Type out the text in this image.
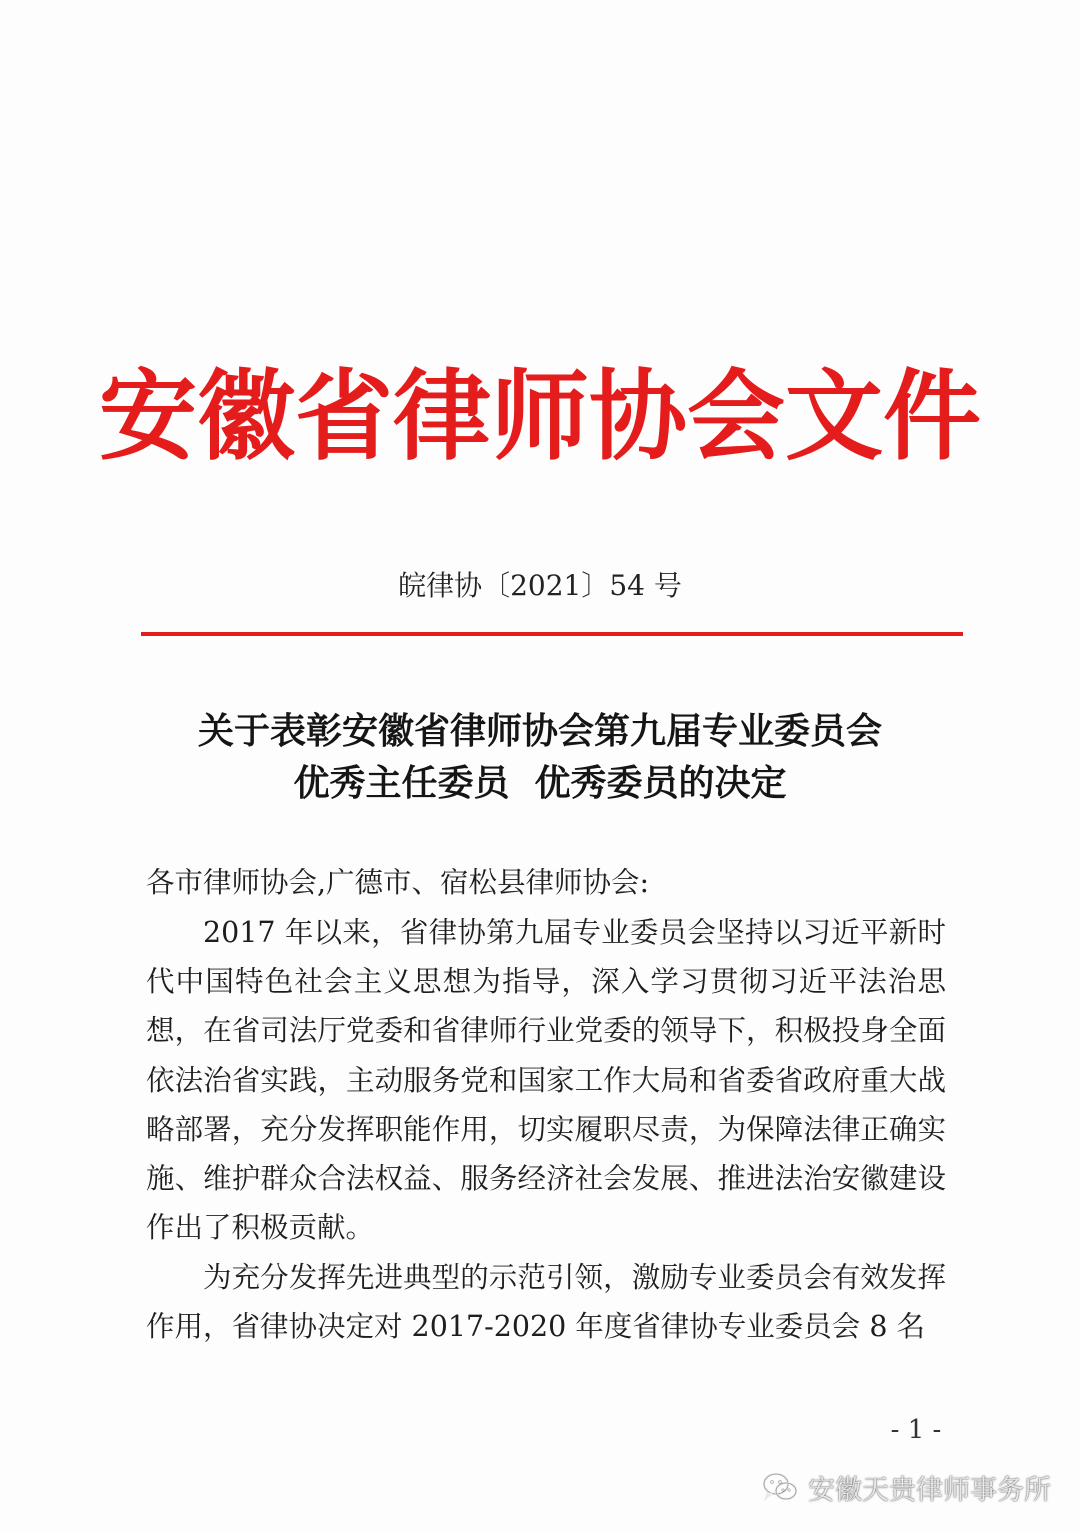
安徽省律师协会文件
皖律协〔2021〕54 号
关于表彰安徽省律师协会第九届专业委员会
优秀主任委员  优秀委员的决定
各市律师协会,广德市、宿松县律师协会:
2017 年以来，省律协第九届专业委员会坚持以习近平新时代中国特色社会主义思想为指导，深入学习贯彻习近平法治思想，在省司法厅党委和省律师行业党委的领导下，积极投身全面依法治省实践，主动服务党和国家工作大局和省委省政府重大战略部署，充分发挥职能作用，切实履职尽责，为保障法律正确实施、维护群众合法权益、服务经济社会发展、推进法治安徽建设作出了积极贡献。
为充分发挥先进典型的示范引领，激励专业委员会有效发挥作用，省律协决定对 2017-2020 年度省律协专业委员会 8 名
- 1 -
安徽天贵律师事务所
